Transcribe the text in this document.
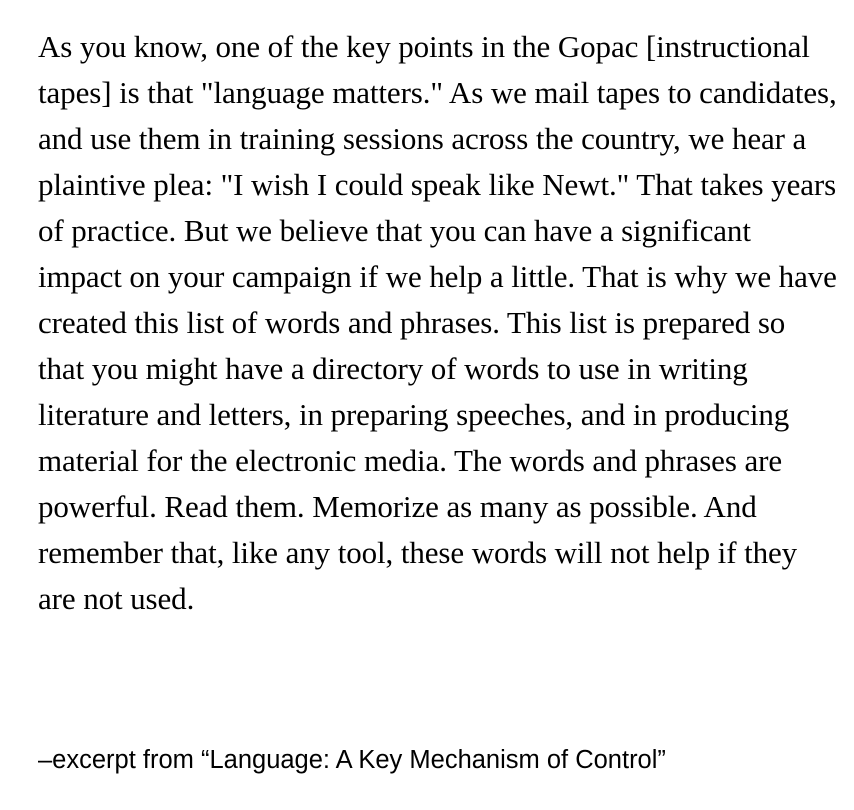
As you know, one of the key points in the Gopac [instructional tapes] is that "language matters." As we mail tapes to candidates, and use them in training sessions across the country, we hear a plaintive plea: "I wish I could speak like Newt." That takes years of practice. But we believe that you can have a significant impact on your campaign if we help a little. That is why we have created this list of words and phrases. This list is prepared so that you might have a directory of words to use in writing literature and letters, in preparing speeches, and in producing material for the electronic media. The words and phrases are powerful. Read them. Memorize as many as possible. And remember that, like any tool, these words will not help if they are not used.

–excerpt from “Language: A Key Mechanism of Control”
